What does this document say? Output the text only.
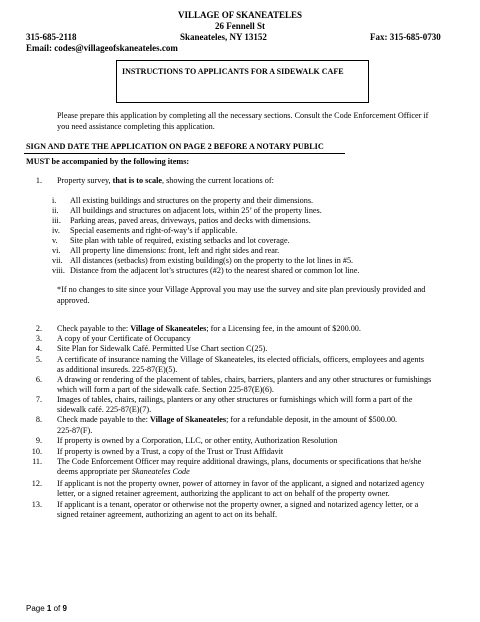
VILLAGE OF SKANEATELES
26 Fennell St
315-685-2118	Skaneateles, NY 13152	Fax: 315-685-0730
Email: codes@villageofskaneateles.com
INSTRUCTIONS TO APPLICANTS FOR A SIDEWALK CAFE
Please prepare this application by completing all the necessary sections. Consult the Code Enforcement Officer if
you need assistance completing this application.
SIGN AND DATE THE APPLICATION ON PAGE 2 BEFORE A NOTARY PUBLIC
MUST be accompanied by the following items:
1. Property survey, that is to scale, showing the current locations of:
i.	All existing buildings and structures on the property and their dimensions.
ii.	All buildings and structures on adjacent lots, within 25’ of the property lines.
iii.	Parking areas, paved areas, driveways, patios and decks with dimensions.
iv.	Special easements and right-of-way’s if applicable.
v.	Site plan with table of required, existing setbacks and lot coverage.
vi.	All property line dimensions: front, left and right sides and rear.
vii. All distances (setbacks) from existing building(s) on the property to the lot lines in #5.
viii. Distance from the adjacent lot’s structures (#2) to the nearest shared or common lot line.
*If no changes to site since your Village Approval you may use the survey and site plan previously provided and
approved.
2. Check payable to the: Village of Skaneateles; for a Licensing fee, in the amount of $200.00.
3. A copy of your Certificate of Occupancy
4. Site Plan for Sidewalk Café. Permitted Use Chart section C(25).
5. A certificate of insurance naming the Village of Skaneateles, its elected officials, officers, employees and agents
as additional insureds. 225-87(E)(5).
6. A drawing or rendering of the placement of tables, chairs, barriers, planters and any other structures or furnishings
which will form a part of the sidewalk cafe. Section 225-87(E)(6).
7. Images of tables, chairs, railings, planters or any other structures or furnishings which will form a part of the
sidewalk café. 225-87(E)(7).
8. Check made payable to the: Village of Skaneateles; for a refundable deposit, in the amount of $500.00.
225-87(F).
9. If property is owned by a Corporation, LLC, or other entity, Authorization Resolution
10. If property is owned by a Trust, a copy of the Trust or Trust Affidavit
11. The Code Enforcement Officer may require additional drawings, plans, documents or specifications that he/she
deems appropriate per Skaneateles Code
12. If applicant is not the property owner, power of attorney in favor of the applicant, a signed and notarized agency
letter, or a signed retainer agreement, authorizing the applicant to act on behalf of the property owner.
13. If applicant is a tenant, operator or otherwise not the property owner, a signed and notarized agency letter, or a
signed retainer agreement, authorizing an agent to act on its behalf.
Page 1 of 9
